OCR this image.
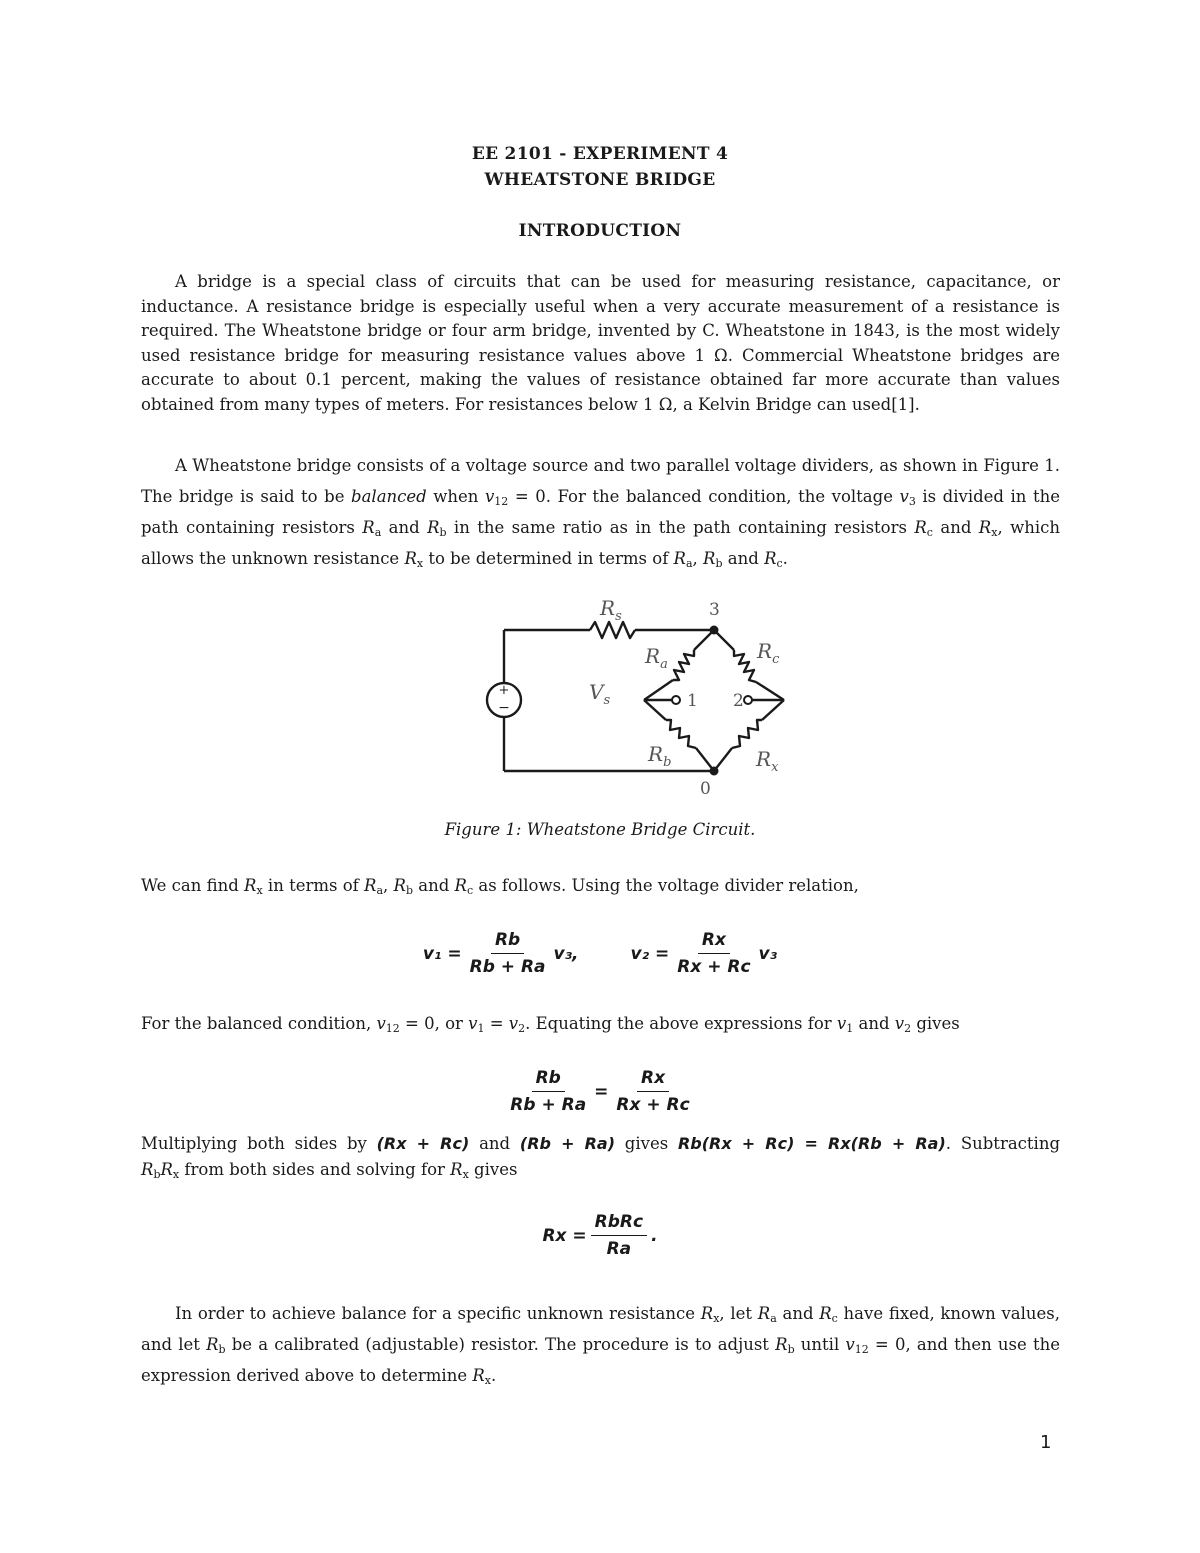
EE 2101 - EXPERIMENT 4
WHEATSTONE BRIDGE
INTRODUCTION
A bridge is a special class of circuits that can be used for measuring resistance, capacitance, or inductance. A resistance bridge is especially useful when a very accurate measurement of a resistance is required. The Wheatstone bridge or four arm bridge, invented by C. Wheatstone in 1843, is the most widely used resistance bridge for measuring resistance values above 1 Ω. Commercial Wheatstone bridges are accurate to about 0.1 percent, making the values of resistance obtained far more accurate than values obtained from many types of meters. For resistances below 1 Ω, a Kelvin Bridge can used[1].
A Wheatstone bridge consists of a voltage source and two parallel voltage dividers, as shown in Figure 1. The bridge is said to be balanced when $v_{12} = 0$. For the balanced condition, the voltage $v_3$ is divided in the path containing resistors $R_a$ and $R_b$ in the same ratio as in the path containing resistors $R_c$ and $R_x$, which allows the unknown resistance $R_x$ to be determined in terms of $R_a$, $R_b$ and $R_c$.
+
−
$R_s$
$R_a$
$R_c$
$R_b$	$R_x$
$V_s$
3
0
1 2
Figure 1: Wheatstone Bridge Circuit.
We can find $R_x$ in terms of $R_a$, $R_b$ and $R_c$ as follows. Using the voltage divider relation,
$v_1 = \frac{Rb}{Rb + Ra} v_3$,	$v_2 = \frac{Rx}{Rx + Rc} v_3$
For the balanced condition, $v_{12} = 0$, or $v_1 = v_2$. Equating the above expressions for $v_1$ and $v_2$ gives
$\frac{Rb}{Rb + Ra} = \frac{Rx}{Rx + Rc}$
Multiplying both sides by (Rx + Rc) and (Rb + Ra) gives Rb(Rx + Rc) = Rx(Rb + Ra). Subtracting
$R_bR_x$ from both sides and solving for $R_x$ gives
$Rx = \frac{\text{RbRc}}{Ra}$ .
In order to achieve balance for a specific unknown resistance $R_x$, let $R_a$ and $R_c$ have fixed, known values, and let $R_b$ be a calibrated (adjustable) resistor. The procedure is to adjust $R_b$ until $v_{12} = 0$, and then use the expression derived above to determine $R_x$.
1
